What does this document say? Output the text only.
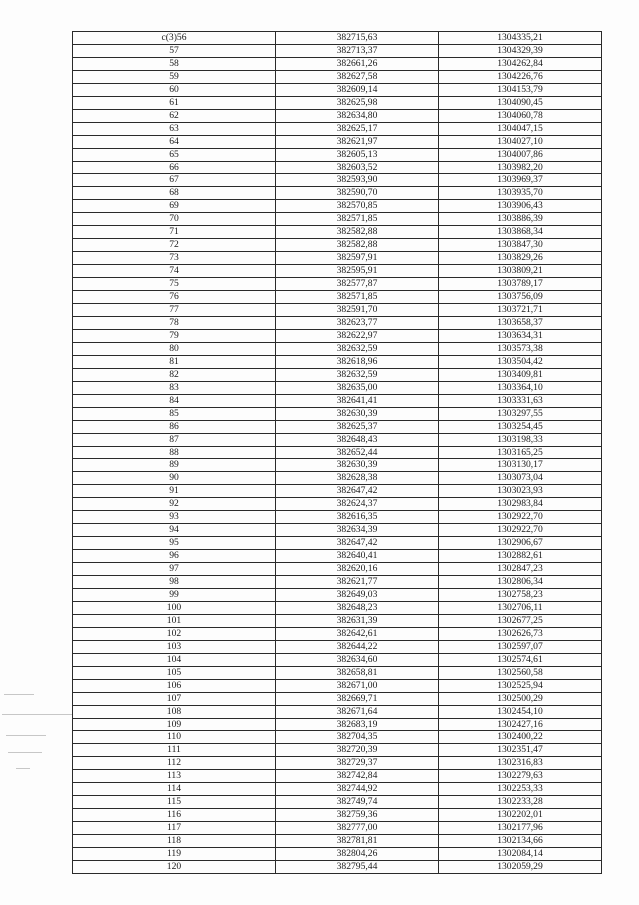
с(3)56	382715,63	1304335,21
57	382713,37	1304329,39
58	382661,26	1304262,84
59	382627,58	1304226,76
60	382609,14	1304153,79
61	382625,98	1304090,45
62	382634,80	1304060,78
63	382625,17	1304047,15
64	382621,97	1304027,10
65	382605,13	1304007,86
66	382603,52	1303982,20
67	382593,90	1303969,37
68	382590,70	1303935,70
69	382570,85	1303906,43
70	382571,85	1303886,39
71	382582,88	1303868,34
72	382582,88	1303847,30
73	382597,91	1303829,26
74	382595,91	1303809,21
75	382577,87	1303789,17
76	382571,85	1303756,09
77	382591,70	1303721,71
78	382623,77	1303658,37
79	382622,97	1303634,31
80	382632,59	1303573,38
81	382618,96	1303504,42
82	382632,59	1303409,81
83	382635,00	1303364,10
84	382641,41	1303331,63
85	382630,39	1303297,55
86	382625,37	1303254,45
87	382648,43	1303198,33
88	382652,44	1303165,25
89	382630,39	1303130,17
90	382628,38	1303073,04
91	382647,42	1303023,93
92	382624,37	1302983,84
93	382616,35	1302922,70
94	382634,39	1302922,70
95	382647,42	1302906,67
96	382640,41	1302882,61
97	382620,16	1302847,23
98	382621,77	1302806,34
99	382649,03	1302758,23
100	382648,23	1302706,11
101	382631,39	1302677,25
102	382642,61	1302626,73
103	382644,22	1302597,07
104	382634,60	1302574,61
105	382658,81	1302560,58
106	382671,00	1302525,94
107	382669,71	1302500,29
108	382671,64	1302454,10
109	382683,19	1302427,16
110	382704,35	1302400,22
111	382720,39	1302351,47
112	382729,37	1302316,83
113	382742,84	1302279,63
114	382744,92	1302253,33
115	382749,74	1302233,28
116	382759,36	1302202,01
117	382777,00	1302177,96
118	382781,81	1302134,66
119	382804,26	1302084,14
120	382795,44	1302059,29
